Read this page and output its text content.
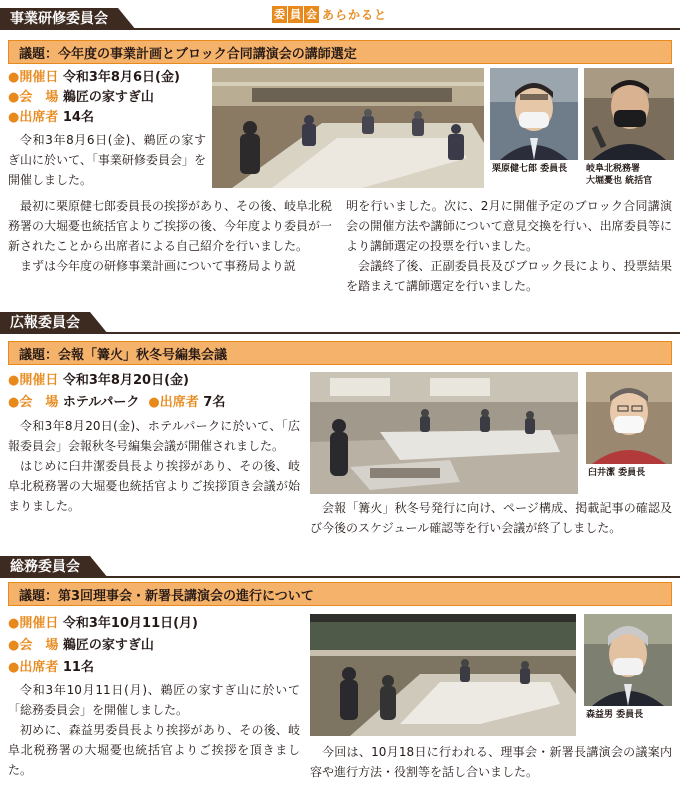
委 員 会 あらかると
事業研修委員会
議題：今年度の事業計画とブロック合同講演会の講師選定
●開催日 令和3年8月6日(金)
●会　場 鵜匠の家すぎ山
●出席者 14名

令和3年8月6日(金)、鵜匠の家すぎ山に於いて、「事業研修委員会」を開催しました。

栗原健七郎 委員長 岐阜北税務署
大堀憂也 統括官

最初に栗原健七郎委員長の挨拶があり、その後、岐阜北税務署の大堀憂也統括官よりご挨拶の後、今年度より委員が一新されたことから出席者による自己紹介を行いました。

まずは今年度の研修事業計画について事務局より説

明を行いました。次に、2月に開催予定のブロック合同講演会の開催方法や講師について意見交換を行い、出席委員等により講師選定の投票を行いました。

会議終了後、正副委員長及びブロック長により、投票結果を踏まえて講師選定を行いました。

広報委員会
議題：会報「篝火」秋冬号編集会議
●開催日 令和3年8月20日(金)
●会　場 ホテルパーク ●出席者 7名

令和3年8月20日(金)、ホテルパークに於いて、「広報委員会」会報秋冬号編集会議が開催されました。

はじめに臼井潔委員長より挨拶があり、その後、岐阜北税務署の大堀憂也統括官よりご挨拶頂き会議が始まりました。

臼井潔 委員長

会報「篝火」秋冬号発行に向け、ページ構成、掲載記事の確認及び今後のスケジュール確認等を行い会議が終了しました。

総務委員会
議題：第3回理事会・新署長講演会の進行について
●開催日 令和3年10月11日(月)
●会　場 鵜匠の家すぎ山
●出席者 11名

令和3年10月11日(月)、鵜匠の家すぎ山に於いて「総務委員会」を開催しました。

初めに、森益男委員長より挨拶があり、その後、岐阜北税務署の大堀憂也統括官よりご挨拶を頂きました。

森益男 委員長

今回は、10月18日に行われる、理事会・新署長講演会の議案内容や進行方法・役割等を話し合いました。
